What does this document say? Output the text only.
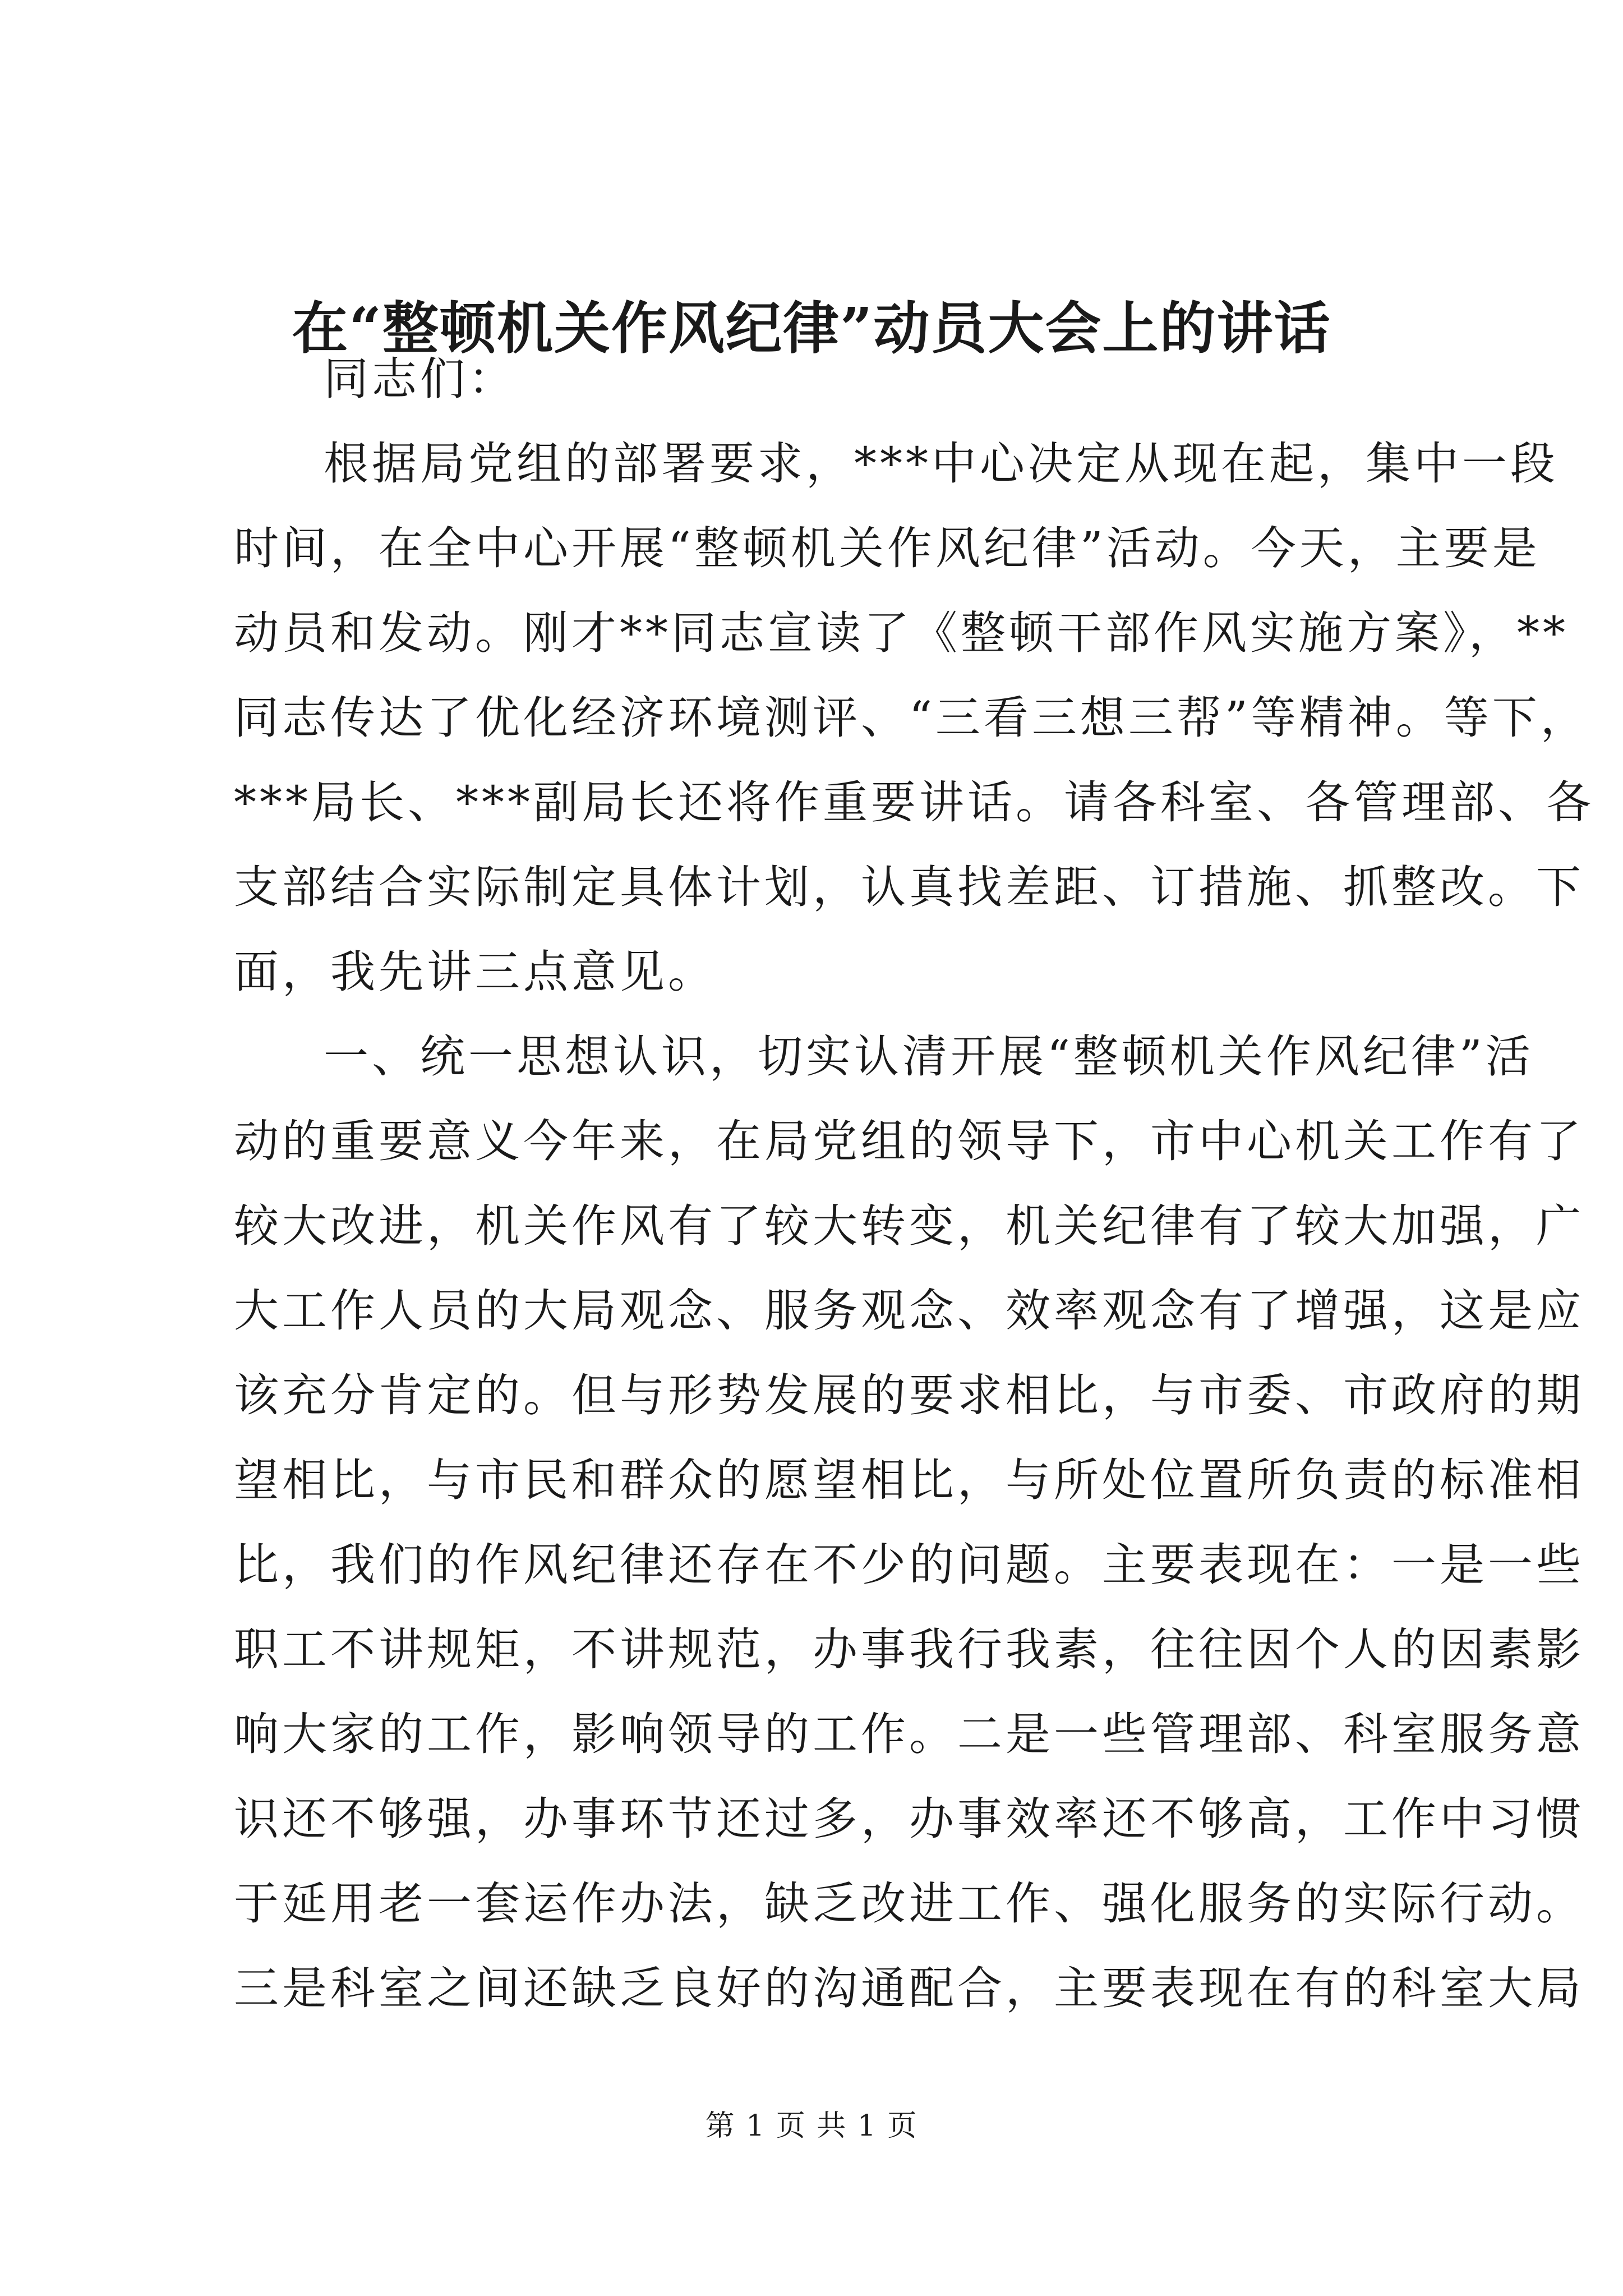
在“整顿机关作风纪律”动员大会上的讲话
同志们：
根据局党组的部署要求，***中心决定从现在起，集中一段
时间，在全中心开展“整顿机关作风纪律”活动。今天，主要是
动员和发动。刚才**同志宣读了《整顿干部作风实施方案》，**
同志传达了优化经济环境测评、“三看三想三帮”等精神。等下，
***局长、***副局长还将作重要讲话。请各科室、各管理部、各
支部结合实际制定具体计划，认真找差距、订措施、抓整改。下
面，我先讲三点意见。
一、统一思想认识，切实认清开展“整顿机关作风纪律”活
动的重要意义今年来，在局党组的领导下，市中心机关工作有了
较大改进，机关作风有了较大转变，机关纪律有了较大加强，广
大工作人员的大局观念、服务观念、效率观念有了增强，这是应
该充分肯定的。但与形势发展的要求相比，与市委、市政府的期
望相比，与市民和群众的愿望相比，与所处位置所负责的标准相
比，我们的作风纪律还存在不少的问题。主要表现在：一是一些
职工不讲规矩，不讲规范，办事我行我素，往往因个人的因素影
响大家的工作，影响领导的工作。二是一些管理部、科室服务意
识还不够强，办事环节还过多，办事效率还不够高，工作中习惯
于延用老一套运作办法，缺乏改进工作、强化服务的实际行动。
三是科室之间还缺乏良好的沟通配合，主要表现在有的科室大局
第 1 页 共 1 页
